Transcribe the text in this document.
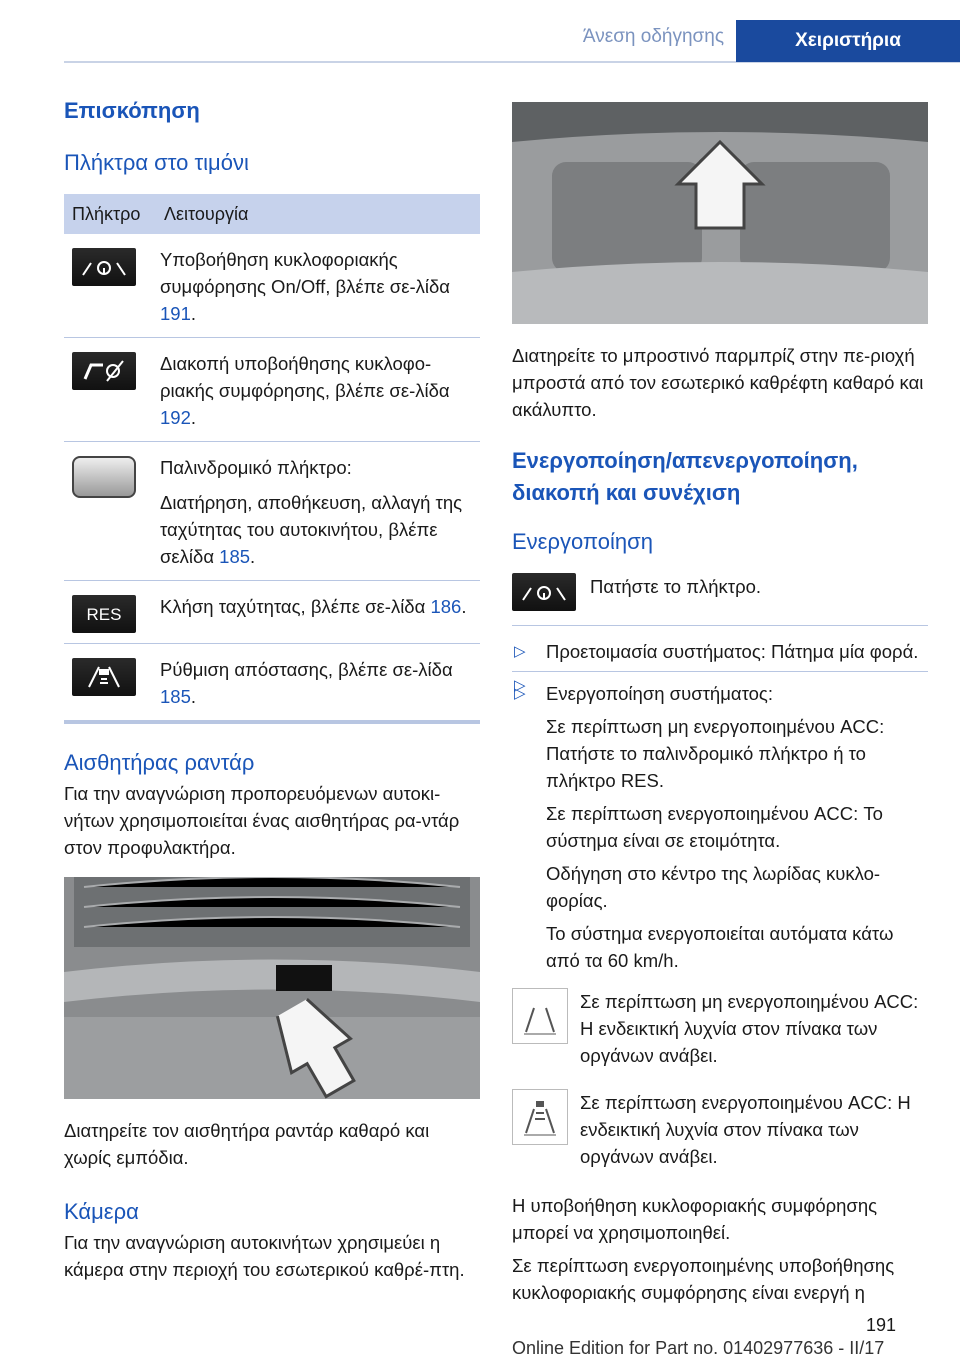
Άνεση οδήγησης	Χειριστήρια
Επισκόπηση
Πλήκτρα στο τιμόνι
Πλήκτρο	Λειτουργία

	Υποβοήθηση κυκλοφοριακής συμφόρησης On/Off, βλέπε σε-λίδα 191.

	Διακοπή υποβοήθησης κυκλοφο-ριακής συμφόρησης, βλέπε σε-λίδα 192.

	Παλινδρομικό πλήκτρο:
Διατήρηση, αποθήκευση, αλλαγή της ταχύτητας του αυτοκινήτου, βλέπε σελίδα 185.

RES	Κλήση ταχύτητας, βλέπε σε-λίδα 186.

	Ρύθμιση απόστασης, βλέπε σε-λίδα 185.
Αισθητήρας ραντάρ
Για την αναγνώριση προπορευόμενων αυτοκι-νήτων χρησιμοποιείται ένας αισθητήρας ρα-ντάρ στον προφυλακτήρα.
Διατηρείτε τον αισθητήρα ραντάρ καθαρό και χωρίς εμπόδια.
Κάμερα
Για την αναγνώριση αυτοκινήτων χρησιμεύει η κάμερα στην περιοχή του εσωτερικού καθρέ-πτη.
Διατηρείτε το μπροστινό παρμπρίζ στην πε-ριοχή μπροστά από τον εσωτερικό καθρέφτη καθαρό και ακάλυπτο.
Ενεργοποίηση/απενεργοποίηση, διακοπή και συνέχιση
Ενεργοποίηση
Πατήστε το πλήκτρο.
▷ Προετοιμασία συστήματος: Πάτημα μία φορά.
▷
▷ Ενεργοποίηση συστήματος:
Σε περίπτωση μη ενεργοποιημένου ACC: Πατήστε το παλινδρομικό πλήκτρο ή το πλήκτρο RES.
Σε περίπτωση ενεργοποιημένου ACC: Το σύστημα είναι σε ετοιμότητα.
Οδήγηση στο κέντρο της λωρίδας κυκλο-φορίας.
Το σύστημα ενεργοποιείται αυτόματα κάτω από τα 60 km/h.
Σε περίπτωση μη ενεργοποιημένου ACC: Η ενδεικτική λυχνία στον πίνακα των οργάνων ανάβει.
Σε περίπτωση ενεργοποιημένου ACC: Η ενδεικτική λυχνία στον πίνακα των οργάνων ανάβει.
Η υποβοήθηση κυκλοφοριακής συμφόρησης μπορεί να χρησιμοποιηθεί.
Σε περίπτωση ενεργοποιημένης υποβοήθησης κυκλοφοριακής συμφόρησης είναι ενεργή η
191
Online Edition for Part no. 01402977636 - II/17
